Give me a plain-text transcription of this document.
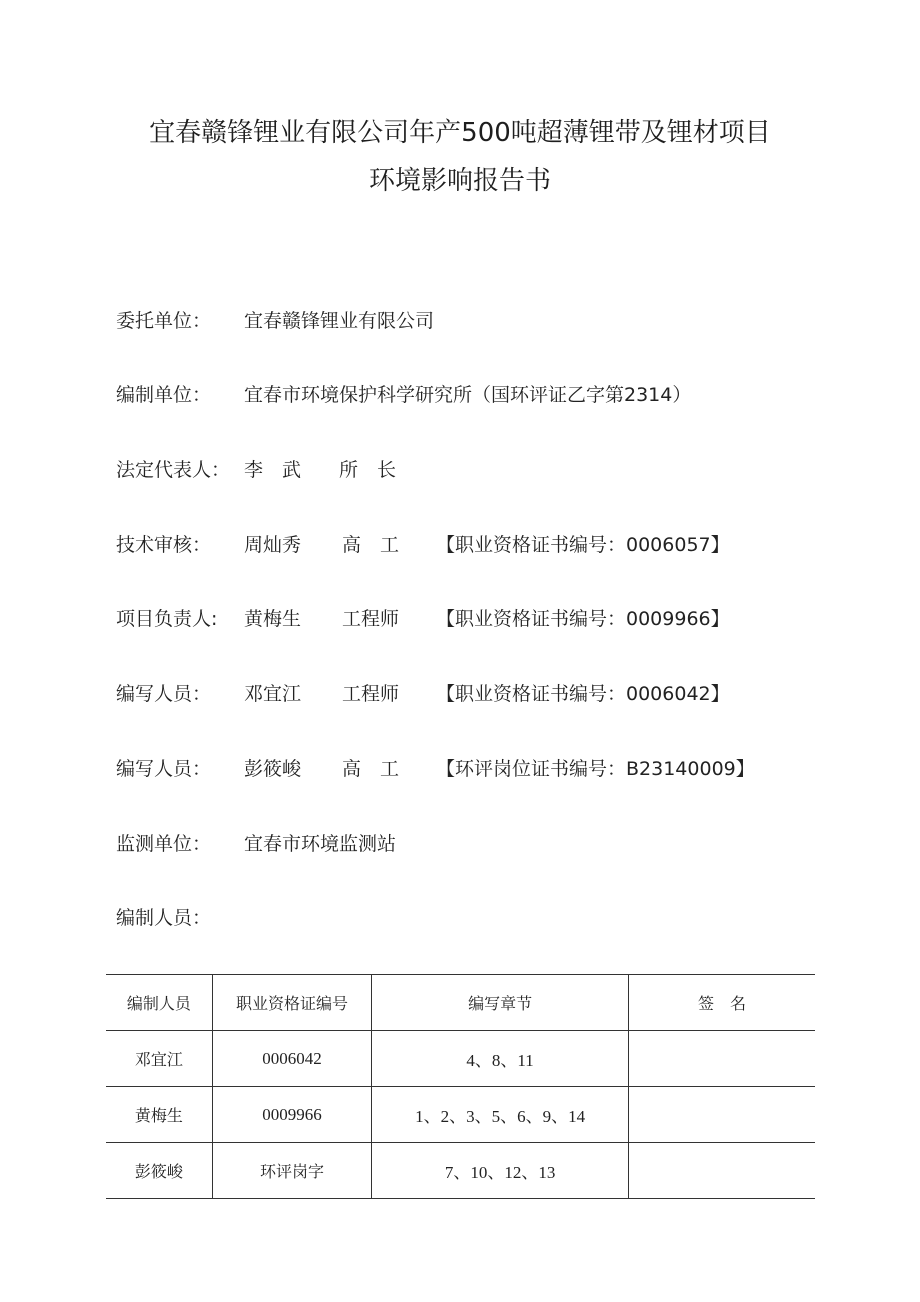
宜春赣锋锂业有限公司年产500吨超薄锂带及锂材项目
环境影响报告书
委托单位： 宜春赣锋锂业有限公司
编制单位： 宜春市环境保护科学研究所（国环评证乙字第2314）
法定代表人： 李　武　　所　长
技术审核： 周灿秀 高　工 【职业资格证书编号：0006057】
项目负责人: 黄梅生 工程师 【职业资格证书编号：0009966】
编写人员： 邓宜江 工程师 【职业资格证书编号：0006042】
编写人员： 彭筱峻 高　工 【环评岗位证书编号：B23140009】
监测单位： 宜春市环境监测站
编制人员：
编制人员	职业资格证编号	编写章节	签　名
邓宜江	0006042	4、8、11	
黄梅生	0009966	1、2、3、5、6、9、14	
彭筱峻	环评岗字	7、10、12、13	
